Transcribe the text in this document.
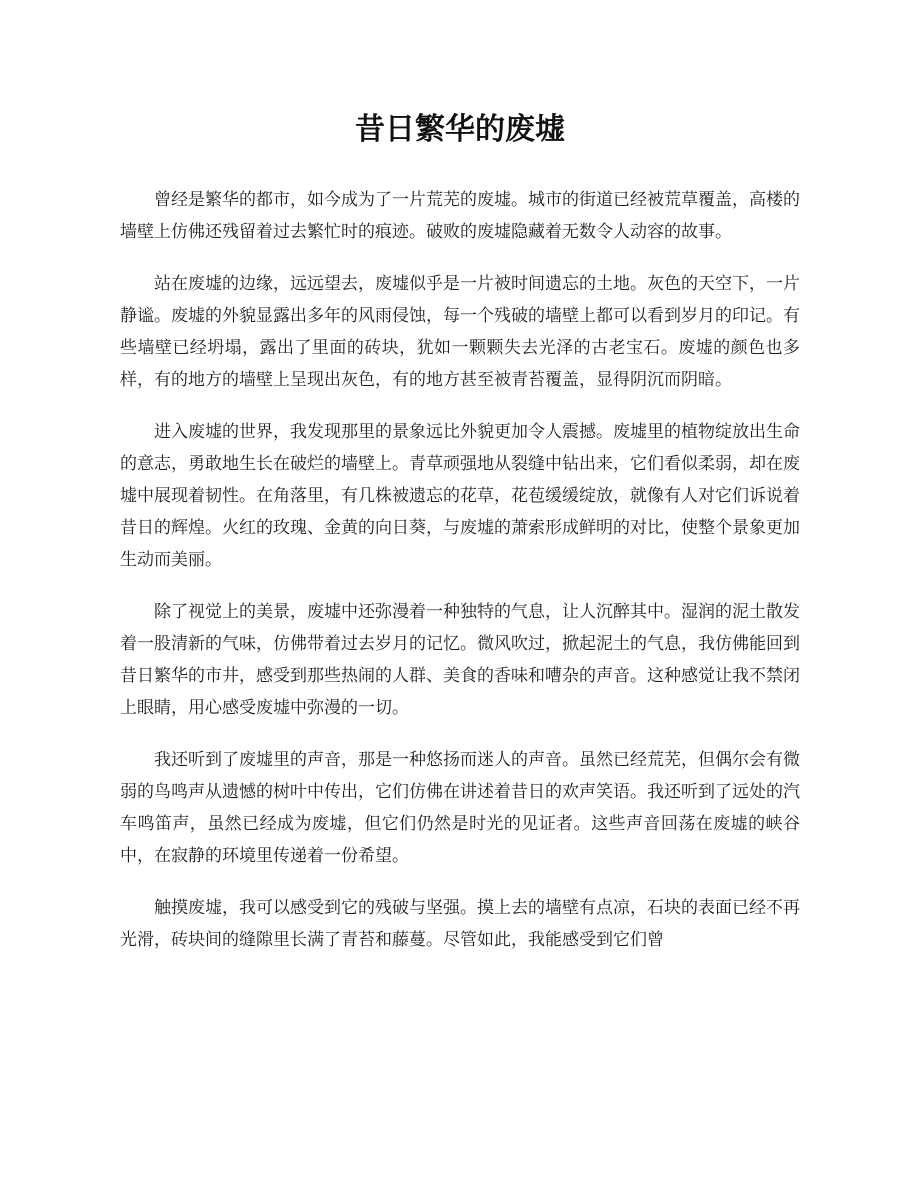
昔日繁华的废墟

曾经是繁华的都市，如今成为了一片荒芜的废墟。城市的街道已经被荒草覆盖，高楼的墙壁上仿佛还残留着过去繁忙时的痕迹。破败的废墟隐藏着无数令人动容的故事。

站在废墟的边缘，远远望去，废墟似乎是一片被时间遗忘的土地。灰色的天空下，一片静谧。废墟的外貌显露出多年的风雨侵蚀，每一个残破的墙壁上都可以看到岁月的印记。有些墙壁已经坍塌，露出了里面的砖块，犹如一颗颗失去光泽的古老宝石。废墟的颜色也多样，有的地方的墙壁上呈现出灰色，有的地方甚至被青苔覆盖，显得阴沉而阴暗。

进入废墟的世界，我发现那里的景象远比外貌更加令人震撼。废墟里的植物绽放出生命的意志，勇敢地生长在破烂的墙壁上。青草顽强地从裂缝中钻出来，它们看似柔弱，却在废墟中展现着韧性。在角落里，有几株被遗忘的花草，花苞缓缓绽放，就像有人对它们诉说着昔日的辉煌。火红的玫瑰、金黄的向日葵，与废墟的萧索形成鲜明的对比，使整个景象更加生动而美丽。

除了视觉上的美景，废墟中还弥漫着一种独特的气息，让人沉醉其中。湿润的泥土散发着一股清新的气味，仿佛带着过去岁月的记忆。微风吹过，掀起泥土的气息，我仿佛能回到昔日繁华的市井，感受到那些热闹的人群、美食的香味和嘈杂的声音。这种感觉让我不禁闭上眼睛，用心感受废墟中弥漫的一切。

我还听到了废墟里的声音，那是一种悠扬而迷人的声音。虽然已经荒芜，但偶尔会有微弱的鸟鸣声从遗憾的树叶中传出，它们仿佛在讲述着昔日的欢声笑语。我还听到了远处的汽车鸣笛声，虽然已经成为废墟，但它们仍然是时光的见证者。这些声音回荡在废墟的峡谷中，在寂静的环境里传递着一份希望。

触摸废墟，我可以感受到它的残破与坚强。摸上去的墙壁有点凉，石块的表面已经不再光滑，砖块间的缝隙里长满了青苔和藤蔓。尽管如此，我能感受到它们曾
